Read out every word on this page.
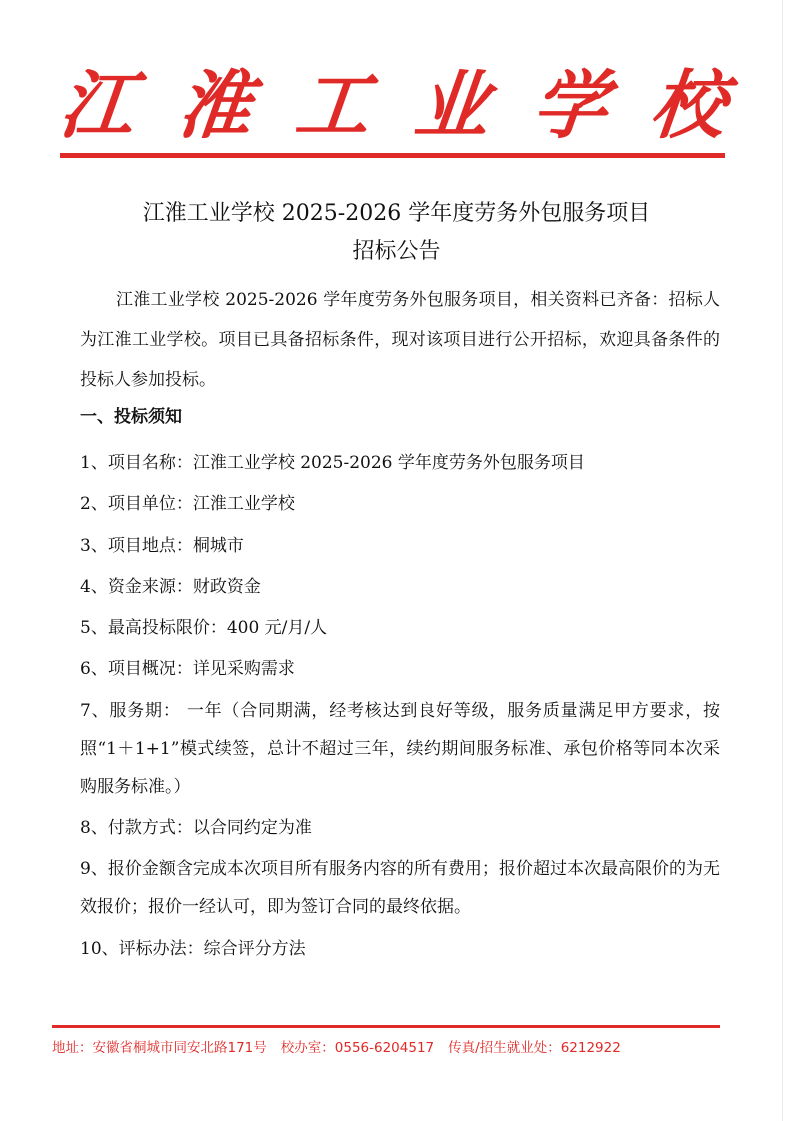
江 淮 工 业 学 校
江淮工业学校 2025-2026 学年度劳务外包服务项目
招标公告

江淮工业学校 2025-2026 学年度劳务外包服务项目，相关资料已齐备：招标人为江淮工业学校。项目已具备招标条件，现对该项目进行公开招标，欢迎具备条件的投标人参加投标。

一、投标须知

1、项目名称：江淮工业学校 2025-2026 学年度劳务外包服务项目
2、项目单位：江淮工业学校
3、项目地点：桐城市
4、资金来源：财政资金
5、最高投标限价：400 元/月/人
6、项目概况：详见采购需求
7、服务期： 一年（合同期满，经考核达到良好等级，服务质量满足甲方要求，按照“1＋1+1”模式续签，总计不超过三年，续约期间服务标准、承包价格等同本次采购服务标准。）
8、付款方式：以合同约定为准
9、报价金额含完成本次项目所有服务内容的所有费用；报价超过本次最高限价的为无效报价；报价一经认可，即为签订合同的最终依据。
10、评标办法：综合评分方法
地址：安徽省桐城市同安北路171号 校办室：0556-6204517 传真/招生就业处：6212922
